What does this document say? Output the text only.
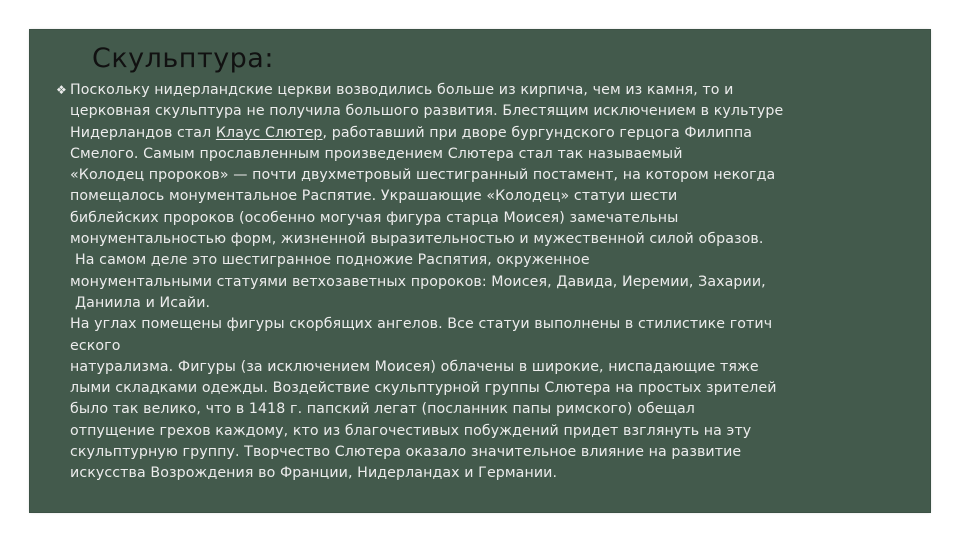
Скульптура:
❖ Поскольку нидерландские церкви возводились больше из кирпича, чем из камня, то и
церковная скульптура не получила большого развития. Блестящим исключением в культуре
Нидерландов стал Клаус Слютер, работавший при дворе бургундского герцога Филиппа
Смелого. Самым прославленным произведением Слютера стал так называемый
«Колодец пророков» — почти двухметровый шестигранный постамент, на котором некогда
помещалось монументальное Распятие. Украшающие «Колодец» статуи шести
библейских пророков (особенно могучая фигура старца Моисея) замечательны
монументальностью форм, жизненной выразительностью и мужественной силой образов.
На самом деле это шестигранное подножие Распятия, окруженное
монументальными статуями ветхозаветных пророков: Моисея, Давида, Иеремии, Захарии,
Даниила и Исайи.
На углах помещены фигуры скорбящих ангелов. Все статуи выполнены в стилистике готич
еского
натурализма. Фигуры (за исключением Моисея) облачены в широкие, ниспадающие тяже
лыми складками одежды. Воздействие скульптурной группы Слютера на простых зрителей
было так велико, что в 1418 г. папский легат (посланник папы римского) обещал
отпущение грехов каждому, кто из благочестивых побуждений придет взглянуть на эту
скульптурную группу. Творчество Слютера оказало значительное влияние на развитие
искусства Возрождения во Франции, Нидерландах и Германии.
